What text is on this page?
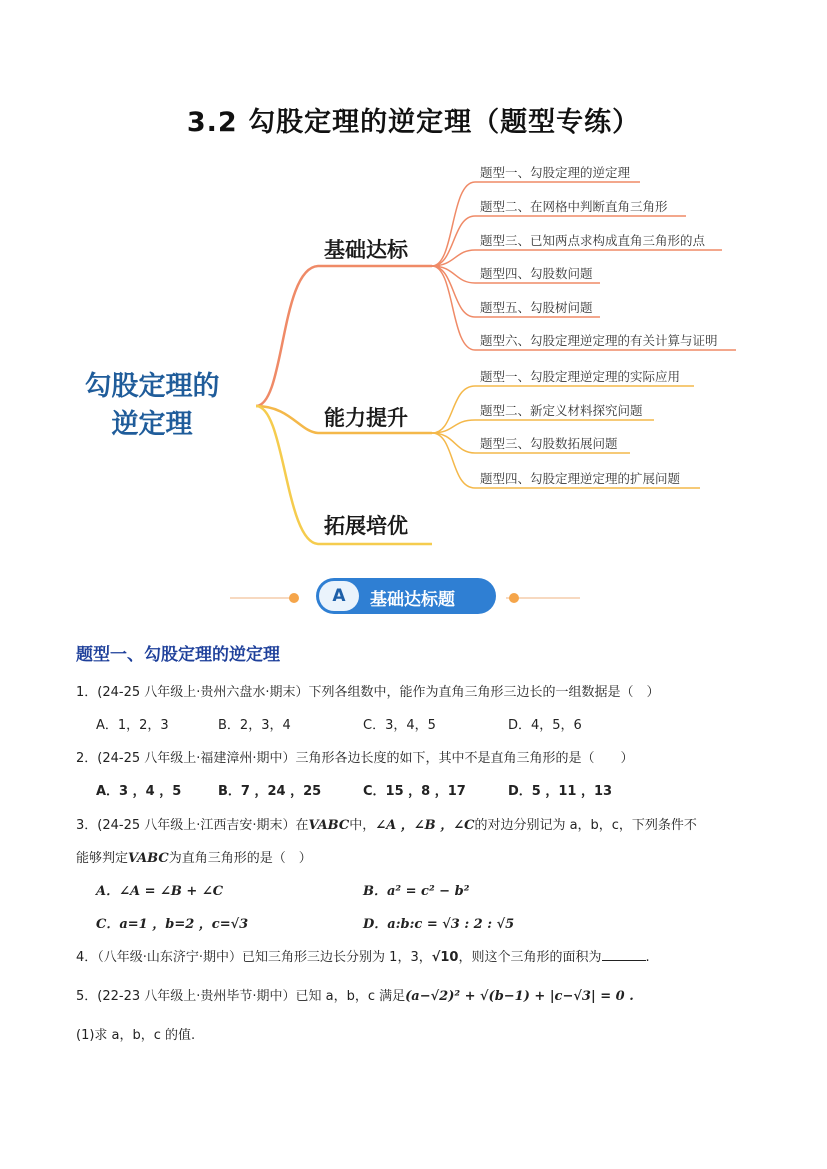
3.2 勾股定理的逆定理（题型专练）
勾股定理的
逆定理
基础达标
能力提升
拓展培优
题型一、勾股定理的逆定理
题型二、在网格中判断直角三角形
题型三、已知两点求构成直角三角形的点
题型四、勾股数问题
题型五、勾股树问题
题型六、勾股定理逆定理的有关计算与证明
题型一、勾股定理逆定理的实际应用
题型二、新定义材料探究问题
题型三、勾股数拓展问题
题型四、勾股定理逆定理的扩展问题
A	基础达标题
题型一、勾股定理的逆定理
1．(24-25 八年级上·贵州六盘水·期末）下列各组数中，能作为直角三角形三边长的一组数据是（　）
A．1，2，3	B．2，3，4	C．3，4，5	D．4，5，6
2．(24-25 八年级上·福建漳州·期中）三角形各边长度的如下，其中不是直角三角形的是（　　）
A．3 ，4 ，5	B．7 ，24 ，25	C．15 ，8 ，17	D．5 ，11 ，13
3．(24-25 八年级上·江西吉安·期末）在VABC中，∠A ，∠B ，∠C的对边分别记为 a，b，c，下列条件不
能够判定VABC为直角三角形的是（　）
A．∠A = ∠B + ∠C	B．a² = c² − b²
C．a=1 ，b=2 ，c=√3	D．a:b:c = √3 : 2 : √5
4．（八年级·山东济宁·期中）已知三角形三边长分别为 1，3，√10，则这个三角形的面积为	.
5．(22-23 八年级上·贵州毕节·期中）已知 a，b，c 满足(a−√2)² + √(b−1) + |c−√3| = 0 .
(1)求 a，b，c 的值.
